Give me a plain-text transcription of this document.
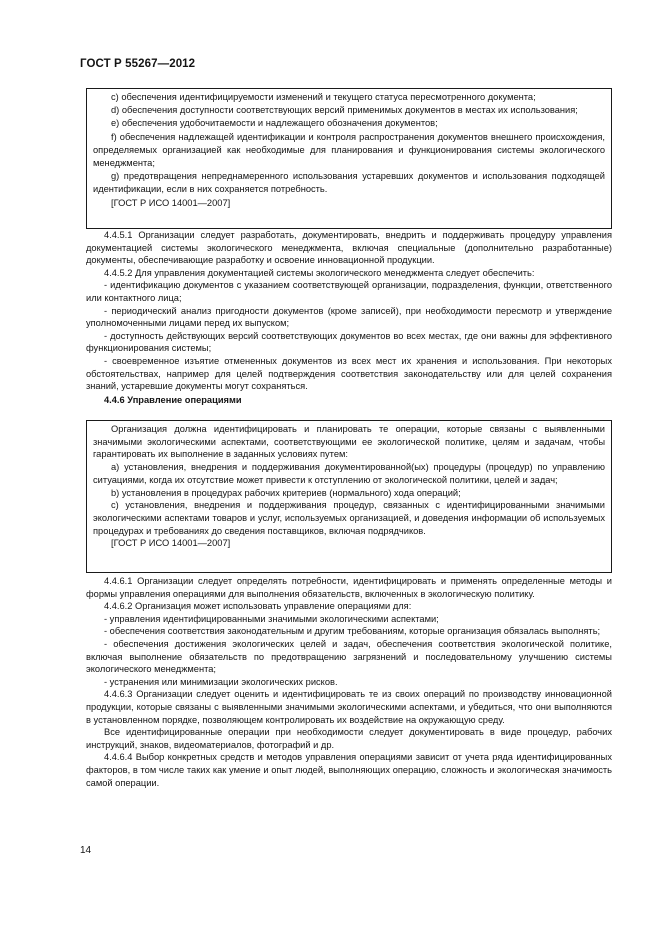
ГОСТ Р 55267—2012

c) обеспечения идентифицируемости изменений и текущего статуса пересмотренного документа;

d) обеспечения доступности соответствующих версий применимых документов в местах их использования;

e) обеспечения удобочитаемости и надлежащего обозначения документов;

f) обеспечения надлежащей идентификации и контроля распространения документов внешнего происхождения, определяемых организацией как необходимые для планирования и функционирования системы экологического менеджмента;

g) предотвращения непреднамеренного использования устаревших документов и использования подходящей идентификации, если в них сохраняется потребность.

[ГОСТ Р ИСО 14001—2007]

4.4.5.1 Организации следует разработать, документировать, внедрить и поддерживать процедуру управления документацией системы экологического менеджмента, включая специальные (дополнительно разработанные) документы, обеспечивающие разработку и освоение инновационной продукции.

4.4.5.2 Для управления документацией системы экологического менеджмента следует обеспечить:

- идентификацию документов с указанием соответствующей организации, подразделения, функции, ответственного или контактного лица;

- периодический анализ пригодности документов (кроме записей), при необходимости пересмотр и утверждение уполномоченными лицами перед их выпуском;

- доступность действующих версий соответствующих документов во всех местах, где они важны для эффективного функционирования системы;

- своевременное изъятие отмененных документов из всех мест их хранения и использования. При некоторых обстоятельствах, например для целей подтверждения соответствия законодательству или для целей сохранения знаний, устаревшие документы могут сохраняться.

4.4.6 Управление операциями

Организация должна идентифицировать и планировать те операции, которые связаны с выявленными значимыми экологическими аспектами, соответствующими ее экологической политике, целям и задачам, чтобы гарантировать их выполнение в заданных условиях путем:

а) установления, внедрения и поддерживания документированной(ых) процедуры (процедур) по управлению ситуациями, когда их отсутствие может привести к отступлению от экологической политики, целей и задач;

b) установления в процедурах рабочих критериев (нормального) хода операций;

c) установления, внедрения и поддерживания процедур, связанных с идентифицированными значимыми экологическими аспектами товаров и услуг, используемых организацией, и доведения информации об используемых процедурах и требованиях до сведения поставщиков, включая подрядчиков.

[ГОСТ Р ИСО 14001—2007]

4.4.6.1 Организации следует определять потребности, идентифицировать и применять определенные методы и формы управления операциями для выполнения обязательств, включенных в экологическую политику.

4.4.6.2 Организация может использовать управление операциями для:

- управления идентифицированными значимыми экологическими аспектами;

- обеспечения соответствия законодательным и другим требованиям, которые организация обязалась выполнять;

- обеспечения достижения экологических целей и задач, обеспечения соответствия экологической политике, включая выполнение обязательств по предотвращению загрязнений и последовательному улучшению системы экологического менеджмента;

- устранения или минимизации экологических рисков.

4.4.6.3 Организации следует оценить и идентифицировать те из своих операций по производству инновационной продукции, которые связаны с выявленными значимыми экологическими аспектами, и убедиться, что они выполняются в установленном порядке, позволяющем контролировать их воздействие на окружающую среду.

Все идентифицированные операции при необходимости следует документировать в виде процедур, рабочих инструкций, знаков, видеоматериалов, фотографий и др.

4.4.6.4 Выбор конкретных средств и методов управления операциями зависит от учета ряда идентифицированных факторов, в том числе таких как умение и опыт людей, выполняющих операцию, сложность и экологическая значимость самой операции.

14
